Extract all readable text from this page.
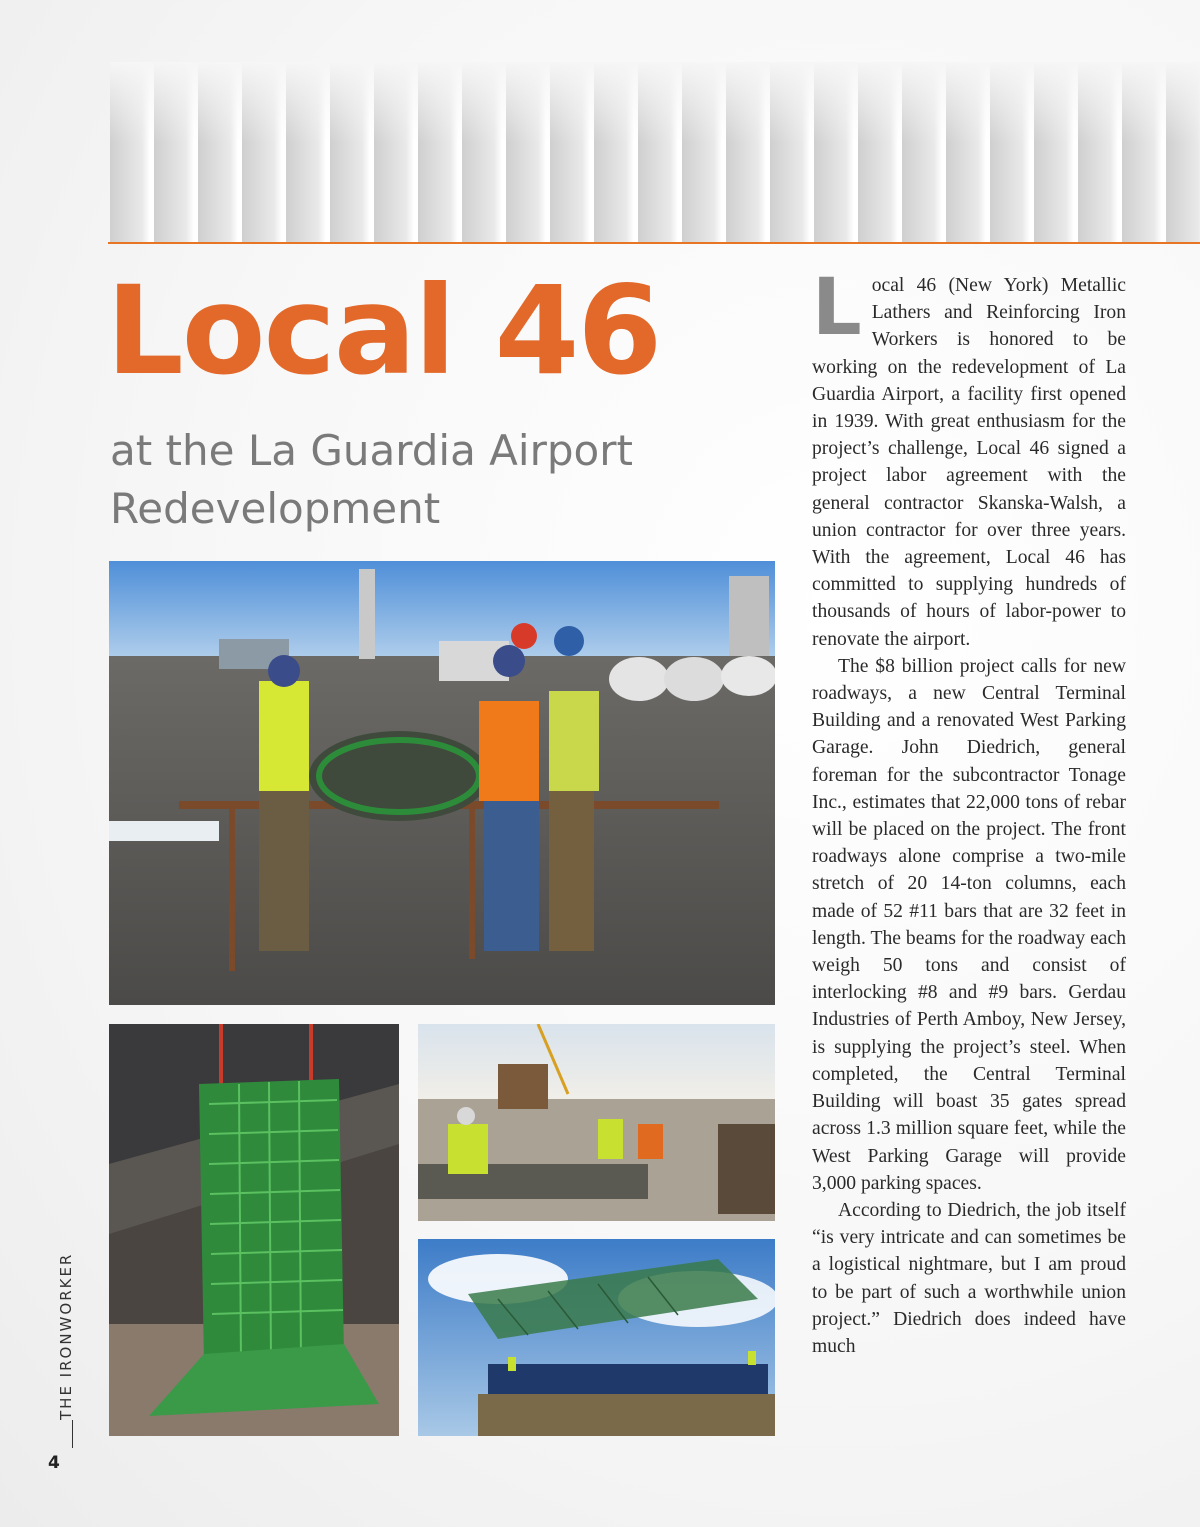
Local 46
at the La Guardia Airport Redevelopment

Local 46 (New York) Metallic Lathers and Reinforcing Iron Workers is honored to be working on the redevelopment of La Guardia Airport, a facility first opened in 1939. With great enthusiasm for the project’s challenge, Local 46 signed a project labor agreement with the general contractor Skanska-Walsh, a union contractor for over three years. With the agreement, Local 46 has committed to supplying hundreds of thousands of hours of labor-power to renovate the airport.

The $8 billion project calls for new roadways, a new Central Terminal Building and a renovated West Parking Garage. John Diedrich, general foreman for the subcontractor Tonage Inc., estimates that 22,000 tons of rebar will be placed on the project. The front roadways alone comprise a two-mile stretch of 20 14-ton columns, each made of 52 #11 bars that are 32 feet in length. The beams for the roadway each weigh 50 tons and consist of interlocking #8 and #9 bars. Gerdau Industries of Perth Amboy, New Jersey, is supplying the project’s steel. When completed, the Central Terminal Building will boast 35 gates spread across 1.3 million square feet, while the West Parking Garage will provide 3,000 parking spaces.

According to Diedrich, the job itself “is very intricate and can sometimes be a logistical nightmare, but I am proud to be part of such a worthwhile union project.” Diedrich does indeed have much

THE IRONWORKER
4
